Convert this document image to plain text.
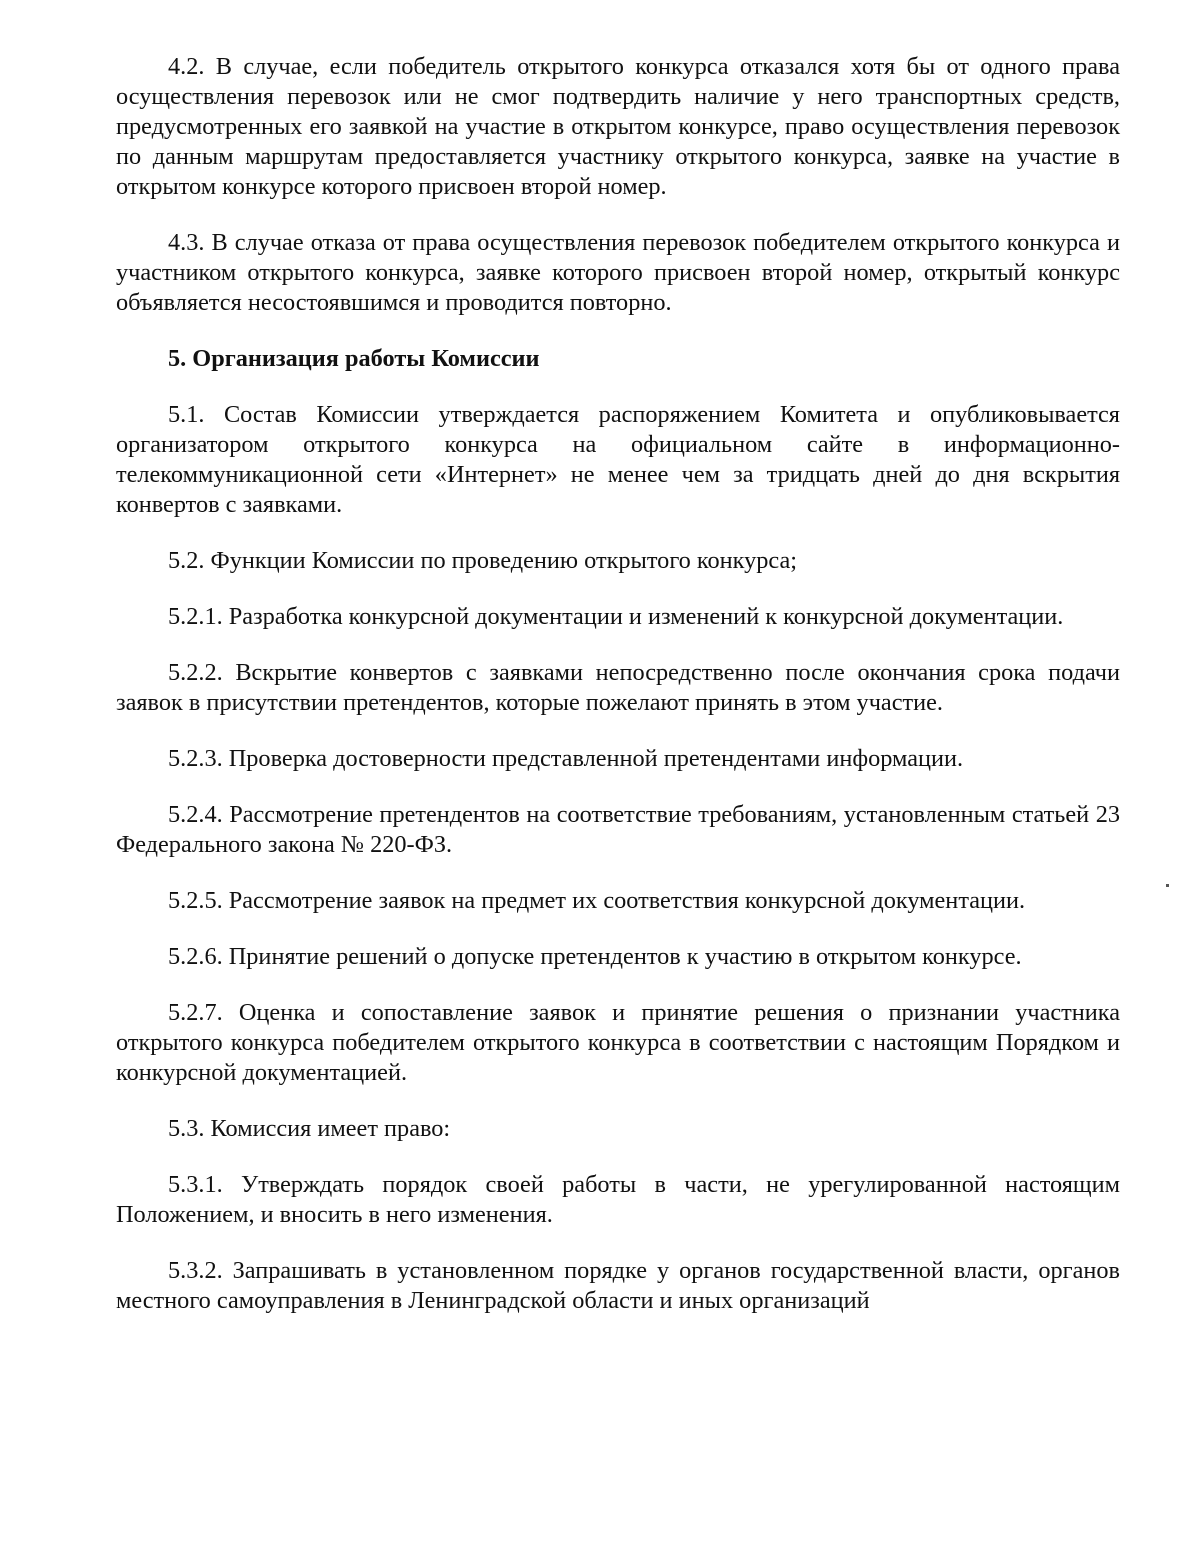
4.2. В случае, если победитель открытого конкурса отказался хотя бы от одного права осуществления перевозок или не смог подтвердить наличие у него транспортных средств, предусмотренных его заявкой на участие в открытом конкурсе, право осуществления перевозок по данным маршрутам предоставляется участнику открытого конкурса, заявке на участие в открытом конкурсе которого присвоен второй номер.

4.3. В случае отказа от права осуществления перевозок победителем открытого конкурса и участником открытого конкурса, заявке которого присвоен второй номер, открытый конкурс объявляется несостоявшимся и проводится повторно.

5. Организация работы Комиссии

5.1. Состав Комиссии утверждается распоряжением Комитета и опубликовывается организатором открытого конкурса на официальном сайте в информационно-телекоммуникационной сети «Интернет» не менее чем за тридцать дней до дня вскрытия конвертов с заявками.

5.2. Функции Комиссии по проведению открытого конкурса;

5.2.1. Разработка конкурсной документации и изменений к конкурсной документации.

5.2.2. Вскрытие конвертов с заявками непосредственно после окончания срока подачи заявок в присутствии претендентов, которые пожелают принять в этом участие.

5.2.3. Проверка достоверности представленной претендентами информации.

5.2.4. Рассмотрение претендентов на соответствие требованиям, установленным статьей 23 Федерального закона № 220-ФЗ.

5.2.5. Рассмотрение заявок на предмет их соответствия конкурсной документации.

5.2.6. Принятие решений о допуске претендентов к участию в открытом конкурсе.

5.2.7. Оценка и сопоставление заявок и принятие решения о признании участника открытого конкурса победителем открытого конкурса в соответствии с настоящим Порядком и конкурсной документацией.

5.3. Комиссия имеет право:

5.3.1. Утверждать порядок своей работы в части, не урегулированной настоящим Положением, и вносить в него изменения.

5.3.2. Запрашивать в установленном порядке у органов государственной власти, органов местного самоуправления в Ленинградской области и иных организаций
